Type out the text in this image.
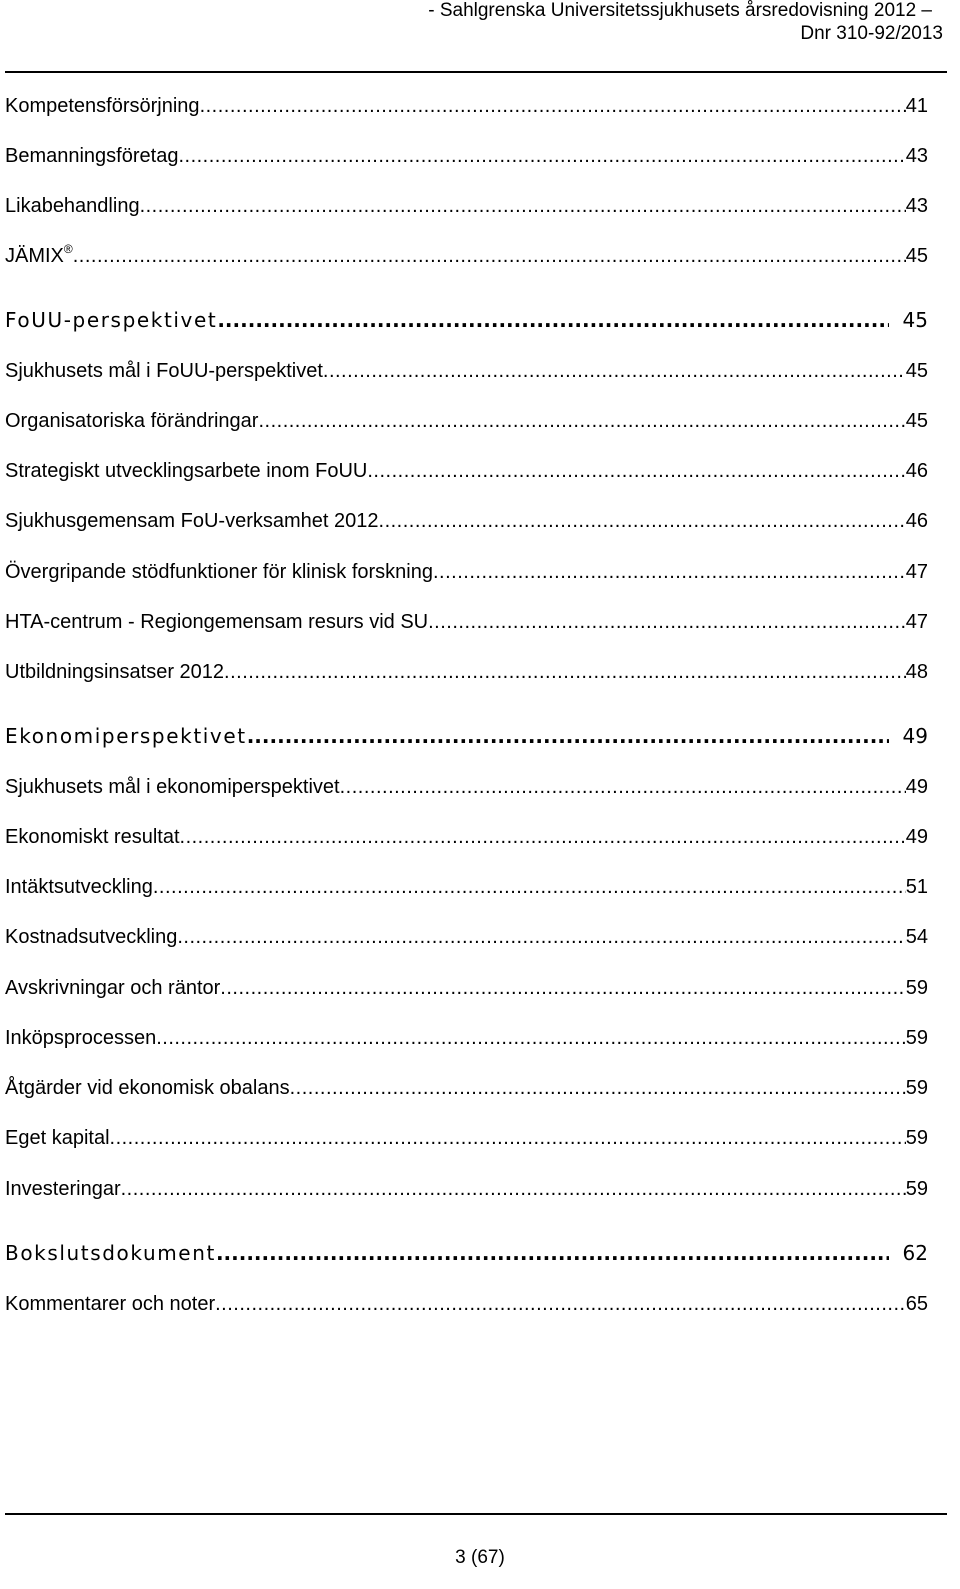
- Sahlgrenska Universitetssjukhusets årsredovisning 2012 –
Dnr 310-92/2013
Kompetensförsörjning .....	41
Bemanningsföretag .....	43
Likabehandling .....	43
JÄMIX® .....	45
FoUU-perspektivet .....	45
Sjukhusets mål i FoUU-perspektivet .....	45
Organisatoriska förändringar .....	45
Strategiskt utvecklingsarbete inom FoUU .....	46
Sjukhusgemensam FoU-verksamhet 2012 .....	46
Övergripande stödfunktioner för klinisk forskning .....	47
HTA-centrum - Regiongemensam resurs vid SU .....	47
Utbildningsinsatser 2012 .....	48
Ekonomiperspektivet .....	49
Sjukhusets mål i ekonomiperspektivet .....	49
Ekonomiskt resultat .....	49
Intäktsutveckling .....	51
Kostnadsutveckling .....	54
Avskrivningar och räntor .....	59
Inköpsprocessen .....	59
Åtgärder vid ekonomisk obalans .....	59
Eget kapital .....	59
Investeringar .....	59
Bokslutsdokument .....	62
Kommentarer och noter .....	65
3 (67)
